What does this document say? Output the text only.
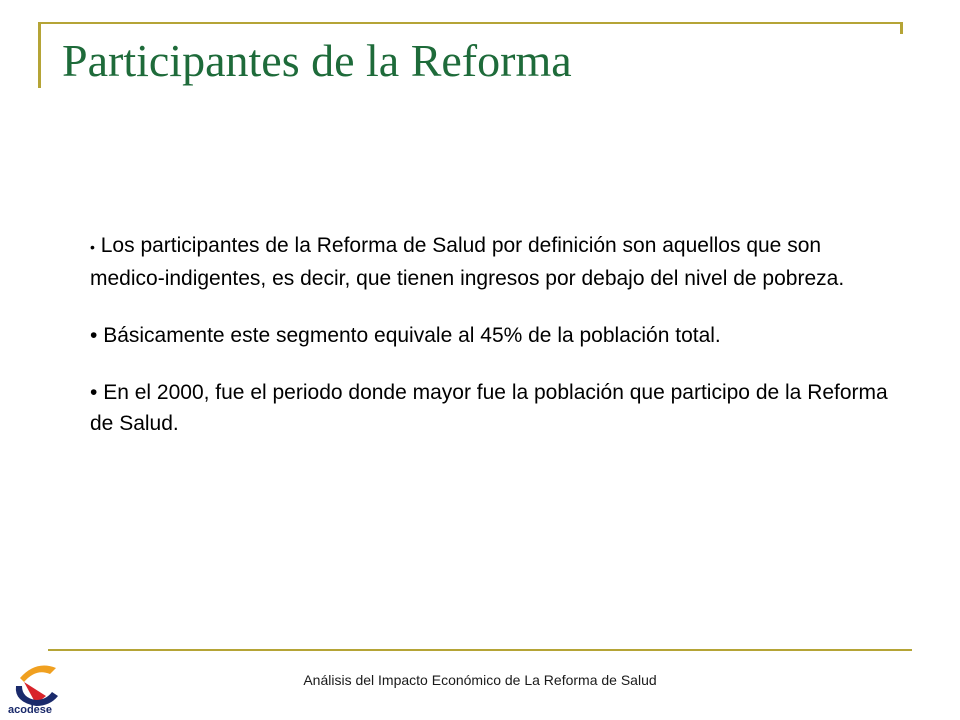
Participantes de la Reforma

• Los participantes de la Reforma de Salud por definición son aquellos que son medico-indigentes, es decir, que tienen ingresos por debajo del nivel de pobreza.

• Básicamente este segmento equivale al 45% de la población total.

• En el 2000, fue el periodo donde mayor fue la población que participo de la Reforma de Salud.

Análisis del Impacto Económico de La Reforma de Salud
acodese
